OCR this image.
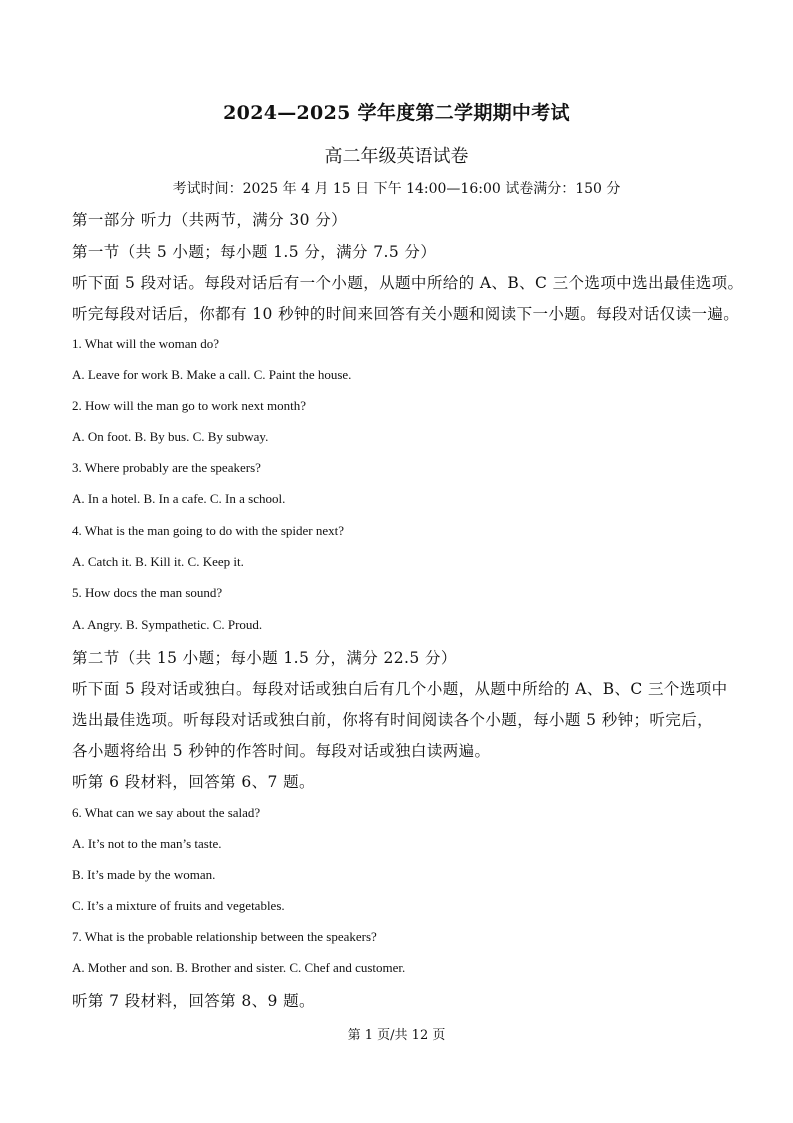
2024—2025 学年度第二学期期中考试
高二年级英语试卷
考试时间：2025 年 4 月 15 日 下午 14:00—16:00 试卷满分：150 分
第一部分 听力（共两节，满分 30 分）
第一节（共 5 小题；每小题 1.5 分，满分 7.5 分）
听下面 5 段对话。每段对话后有一个小题，从题中所给的 A、B、C 三个选项中选出最佳选项。
听完每段对话后，你都有 10 秒钟的时间来回答有关小题和阅读下一小题。每段对话仅读一遍。
1. What will the woman do?
A. Leave for work B. Make a call. C. Paint the house.
2. How will the man go to work next month?
A. On foot. B. By bus. C. By subway.
3. Where probably are the speakers?
A. In a hotel. B. In a cafe. C. In a school.
4. What is the man going to do with the spider next?
A. Catch it. B. Kill it. C. Keep it.
5. How docs the man sound?
A. Angry. B. Sympathetic. C. Proud.
第二节（共 15 小题；每小题 1.5 分，满分 22.5 分）
听下面 5 段对话或独白。每段对话或独白后有几个小题，从题中所给的 A、B、C 三个选项中
选出最佳选项。听每段对话或独白前，你将有时间阅读各个小题，每小题 5 秒钟；听完后，
各小题将给出 5 秒钟的作答时间。每段对话或独白读两遍。
听第 6 段材料，回答第 6、7 题。
6. What can we say about the salad?
A. It’s not to the man’s taste.
B. It’s made by the woman.
C. It’s a mixture of fruits and vegetables.
7. What is the probable relationship between the speakers?
A. Mother and son. B. Brother and sister. C. Chef and customer.
听第 7 段材料，回答第 8、9 题。
第 1 页/共 12 页
